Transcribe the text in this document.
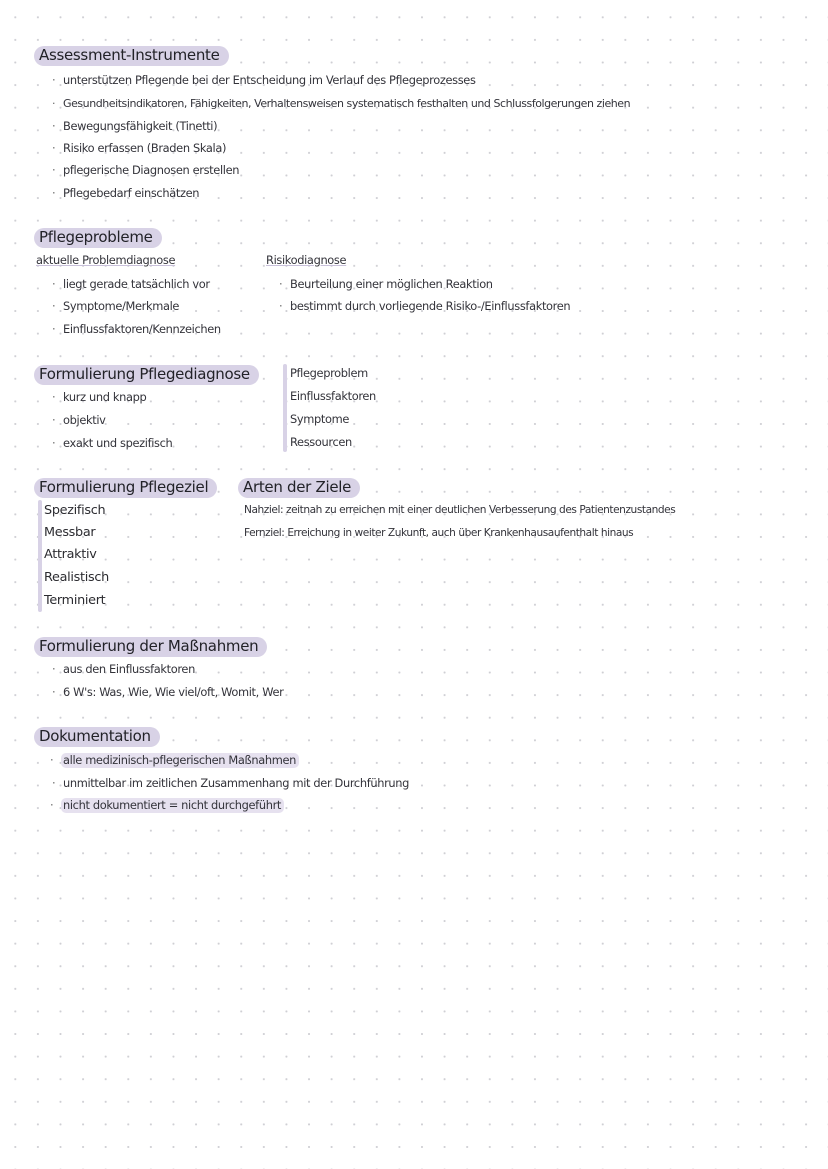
Assessment-Instrumente
· unterstützen Pflegende bei der Entscheidung im Verlauf des Pflegeprozesses
· Gesundheitsindikatoren, Fähigkeiten, Verhaltensweisen systematisch festhalten und Schlussfolgerungen ziehen
· Bewegungsfähigkeit (Tinetti)
· Risiko erfassen (Braden Skala)
· pflegerische Diagnosen erstellen
· Pflegebedarf einschätzen
Pflegeprobleme
aktuelle Problemdiagnose
· liegt gerade tatsächlich vor
· Symptome/Merkmale
· Einflussfaktoren/Kennzeichen
Risikodiagnose
· Beurteilung einer möglichen Reaktion
· bestimmt durch vorliegende Risiko-/Einflussfaktoren
Formulierung Pflegediagnose
· kurz und knapp
· objektiv
· exakt und spezifisch
Pflegeproblem
Einflussfaktoren
Symptome
Ressourcen
Formulierung Pflegeziel
Spezifisch
Messbar
Attraktiv
Realistisch
Terminiert
Arten der Ziele
Nahziel: zeitnah zu erreichen mit einer deutlichen Verbesserung des Patientenzustandes
Fernziel: Erreichung in weiter Zukunft, auch über Krankenhausaufenthalt hinaus
Formulierung der Maßnahmen
· aus den Einflussfaktoren
· 6 W's: Was, Wie, Wie viel/oft, Womit, Wer
Dokumentation
· alle medizinisch-pflegerischen Maßnahmen
· unmittelbar im zeitlichen Zusammenhang mit der Durchführung
· nicht dokumentiert = nicht durchgeführt
